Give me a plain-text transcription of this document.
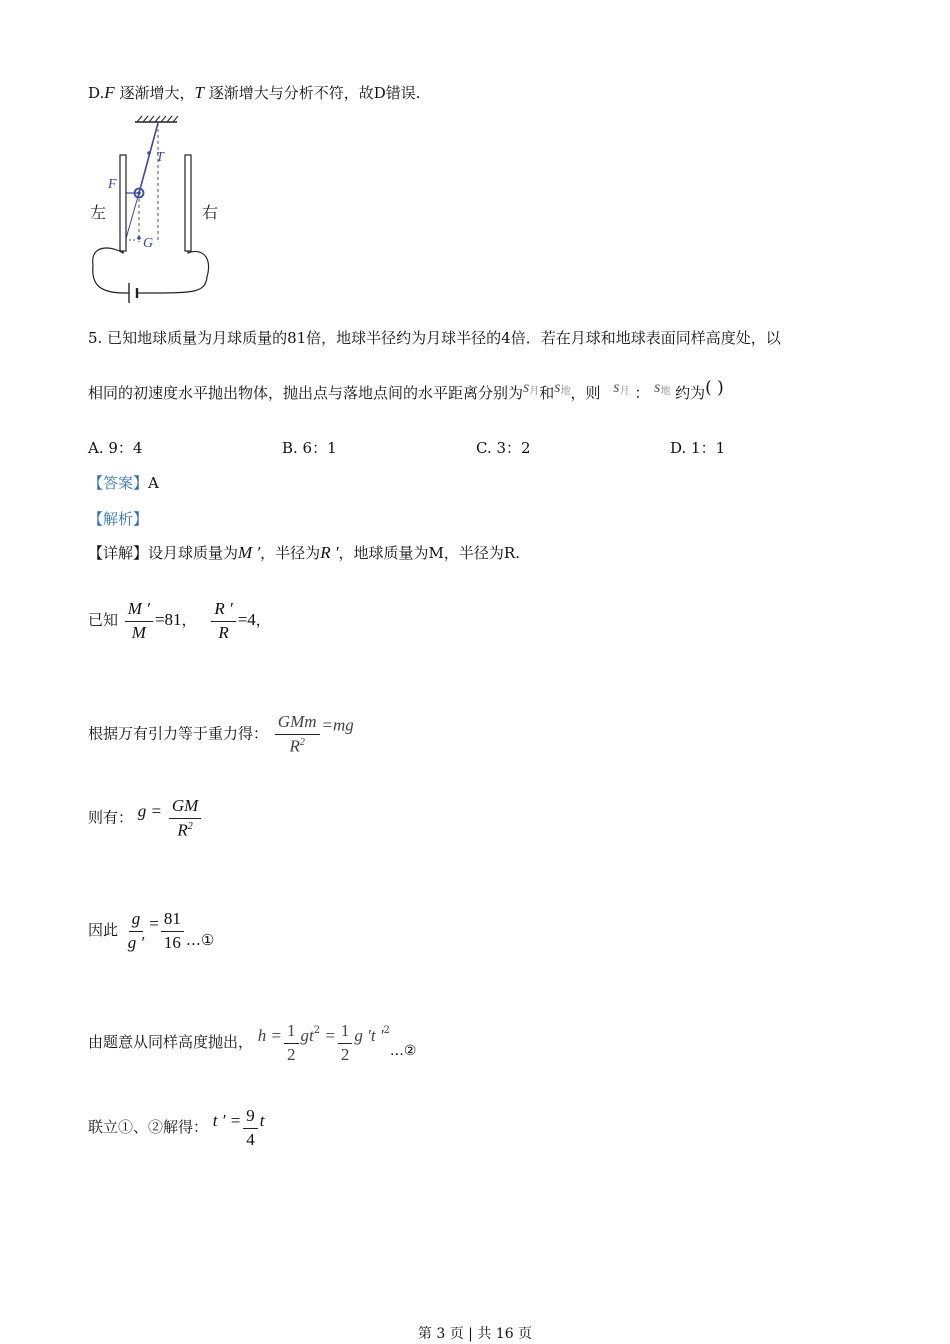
D.F 逐渐增大，T 逐渐增大与分析不符，故D错误.
左	右
T
F
G
5. 已知地球质量为月球质量的81倍，地球半径约为月球半径的4倍．若在月球和地球表面同样高度处，以
相同的初速度水平抛出物体，抛出点与落地点间的水平距离分别为$s^月$和$s^地$，则 $s^月$ ： $s^地$ 约为( )
A. 9：4	B. 6：1	C. 3：2	D. 1：1
【答案】A
【解析】
【详解】设月球质量为M ′，半径为R ′，地球质量为M，半径为R.
已知 $\frac{M '}{M} =81$， $\frac{R '}{R} =4$，
根据万有引力等于重力得： $\frac{\text{GMm}}{R^2} =mg$
则有： $g = \frac{GM}{R^2}$
因此 $\frac{g}{g '} = \frac{81}{16}$ …①
由题意从同样高度抛出， $h = \frac{1}{2} gt^2 = \frac{1}{2}$ g ′t $'^2\dots ②$
联立①、②解得： t ′ = $\frac{9}{4}$ t
第 3 页 | 共 16 页
